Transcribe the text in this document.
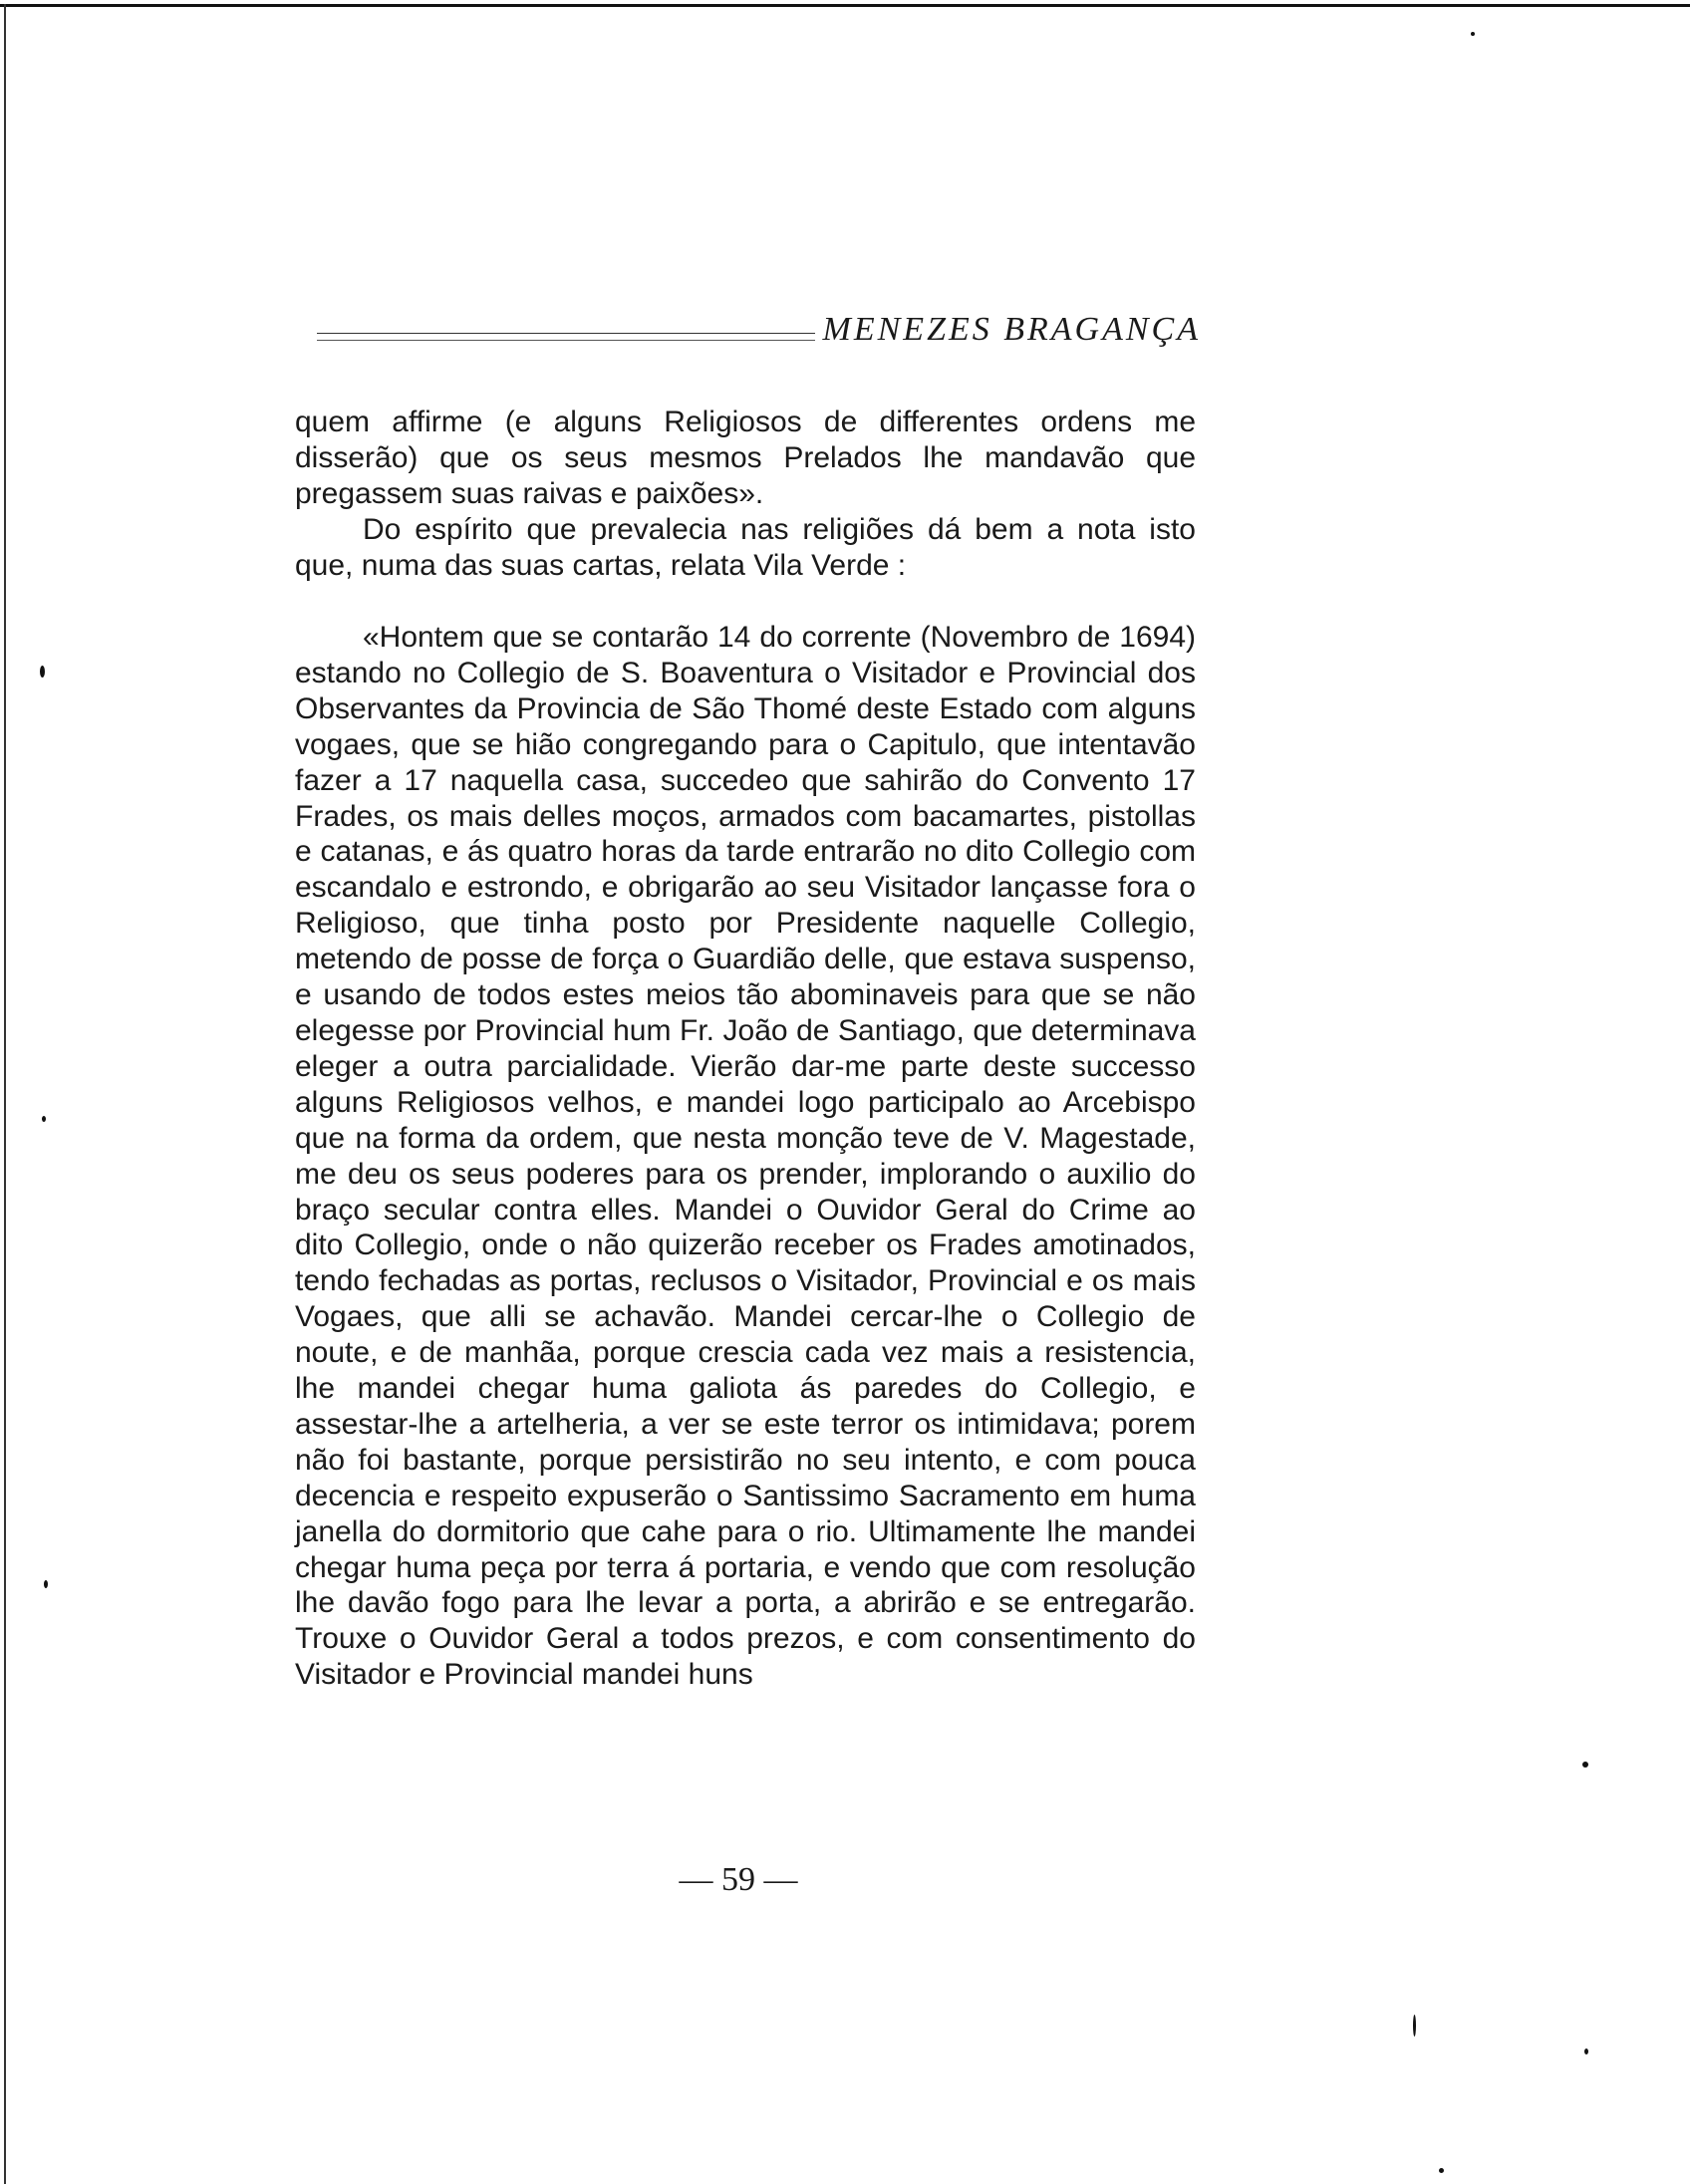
MENEZES BRAGANÇA

quem affirme (e alguns Religiosos de differentes ordens me disserão) que os seus mesmos Prelados lhe mandavão que pregassem suas raivas e paixões».

Do espírito que prevalecia nas religiões dá bem a nota isto que, numa das suas cartas, relata Vila Verde :

«Hontem que se contarão 14 do corrente (Novembro de 1694) estando no Collegio de S. Boaventura o Visitador e Provincial dos Observantes da Provincia de São Thomé deste Estado com alguns vogaes, que se hião congregando para o Capitulo, que intentavão fazer a 17 naquella casa, succedeo que sahirão do Convento 17 Frades, os mais delles moços, armados com bacamartes, pistollas e catanas, e ás quatro horas da tarde entrarão no dito Collegio com escandalo e estrondo, e obrigarão ao seu Visitador lançasse fora o Religioso, que tinha posto por Presidente naquelle Collegio, metendo de posse de força o Guardião delle, que estava suspenso, e usando de todos estes meios tão abominaveis para que se não elegesse por Provincial hum Fr. João de Santiago, que determinava eleger a outra parcialidade. Vierão dar-me parte deste successo alguns Religiosos velhos, e mandei logo participalo ao Arcebispo que na forma da ordem, que nesta monção teve de V. Magestade, me deu os seus poderes para os prender, implorando o auxilio do braço secular contra elles. Mandei o Ouvidor Geral do Crime ao dito Collegio, onde o não quizerão receber os Frades amotinados, tendo fechadas as portas, reclusos o Visitador, Provincial e os mais Vogaes, que alli se achavão. Mandei cercar-lhe o Collegio de noute, e de manhãa, porque crescia cada vez mais a resistencia, lhe mandei chegar huma galiota ás paredes do Collegio, e assestar-lhe a artelheria, a ver se este terror os intimidava; porem não foi bastante, porque persistirão no seu intento, e com pouca decencia e respeito expuserão o Santissimo Sacramento em huma janella do dormitorio que cahe para o rio. Ultimamente lhe mandei chegar huma peça por terra á portaria, e vendo que com resolução lhe davão fogo para lhe levar a porta, a abrirão e se entregarão. Trouxe o Ouvidor Geral a todos prezos, e com consentimento do Visitador e Provincial mandei huns

— 59 —
